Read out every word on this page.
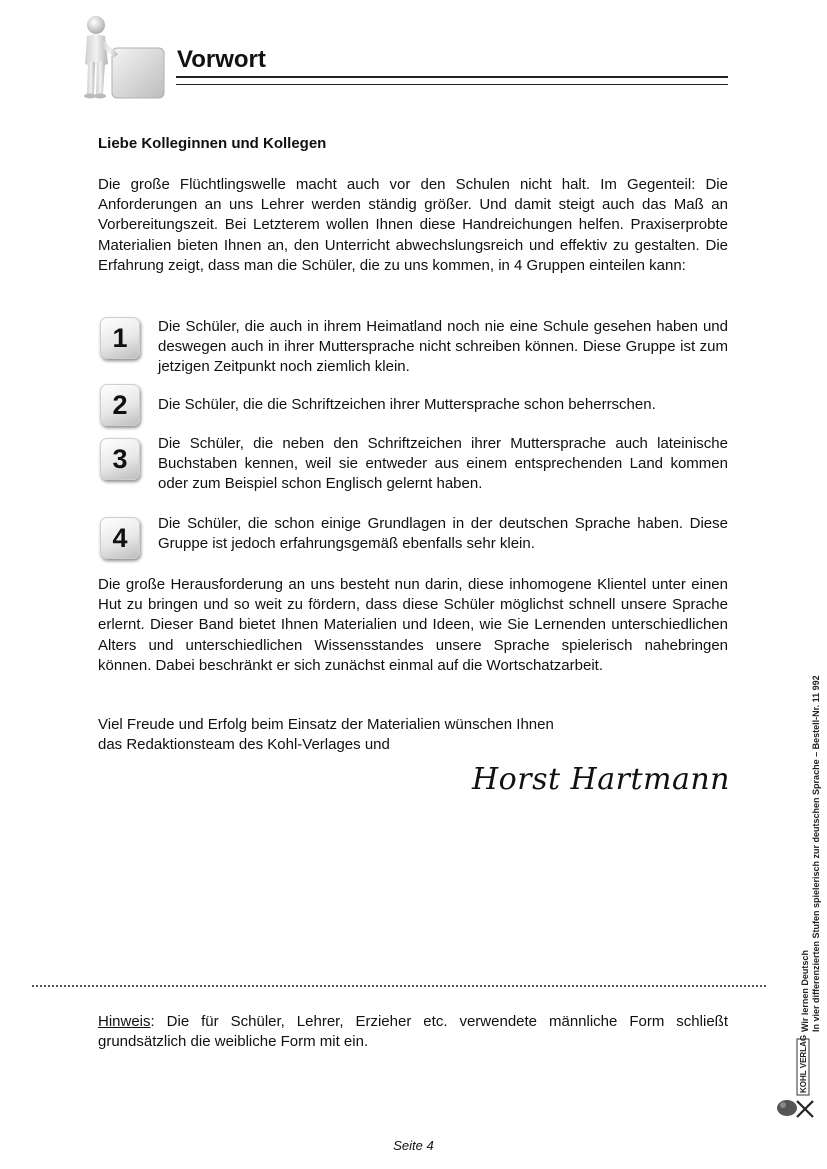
Vorwort
Liebe Kolleginnen und Kollegen
Die große Flüchtlingswelle macht auch vor den Schulen nicht halt. Im Gegenteil: Die Anforderungen an uns Lehrer werden ständig größer. Und damit steigt auch das Maß an Vorbereitungszeit. Bei Letzterem wollen Ihnen diese Handreichungen helfen. Praxiserprobte Materialien bieten Ihnen an, den Unterricht abwechslungsreich und effektiv zu gestalten. Die Erfahrung zeigt, dass man die Schüler, die zu uns kommen, in 4 Gruppen einteilen kann:
1	Die Schüler, die auch in ihrem Heimatland noch nie eine Schule gesehen haben und deswegen auch in ihrer Muttersprache nicht schreiben können. Diese Gruppe ist zum jetzigen Zeitpunkt noch ziemlich klein.
2	Die Schüler, die die Schriftzeichen ihrer Muttersprache schon beherrschen.
3	Die Schüler, die neben den Schriftzeichen ihrer Muttersprache auch lateinische Buchstaben kennen, weil sie entweder aus einem entsprechenden Land kommen oder zum Beispiel schon Englisch gelernt haben.
4	Die Schüler, die schon einige Grundlagen in der deutschen Sprache haben. Diese Gruppe ist jedoch erfahrungsgemäß ebenfalls sehr klein.
Die große Herausforderung an uns besteht nun darin, diese inhomogene Klientel unter einen Hut zu bringen und so weit zu fördern, dass diese Schüler möglichst schnell unsere Sprache erlernt. Dieser Band bietet Ihnen Materialien und Ideen, wie Sie Lernenden unterschiedlichen Alters und unterschiedlichen Wissensstandes unsere Sprache spielerisch nahebringen können. Dabei beschränkt er sich zunächst einmal auf die Wortschatzarbeit.
Viel Freude und Erfolg beim Einsatz der Materialien wünschen Ihnen
das Redaktionsteam des Kohl-Verlages und
Horst Hartmann
Hinweis: Die für Schüler, Lehrer, Erzieher etc. verwendete männliche Form schließt grundsätzlich die weibliche Form mit ein.
Wir lernen Deutsch In vier differenzierten Stufen spielerisch zur deutschen Sprache – Bestell-Nr. 11 992
KOHL VERLAG
Seite 4
